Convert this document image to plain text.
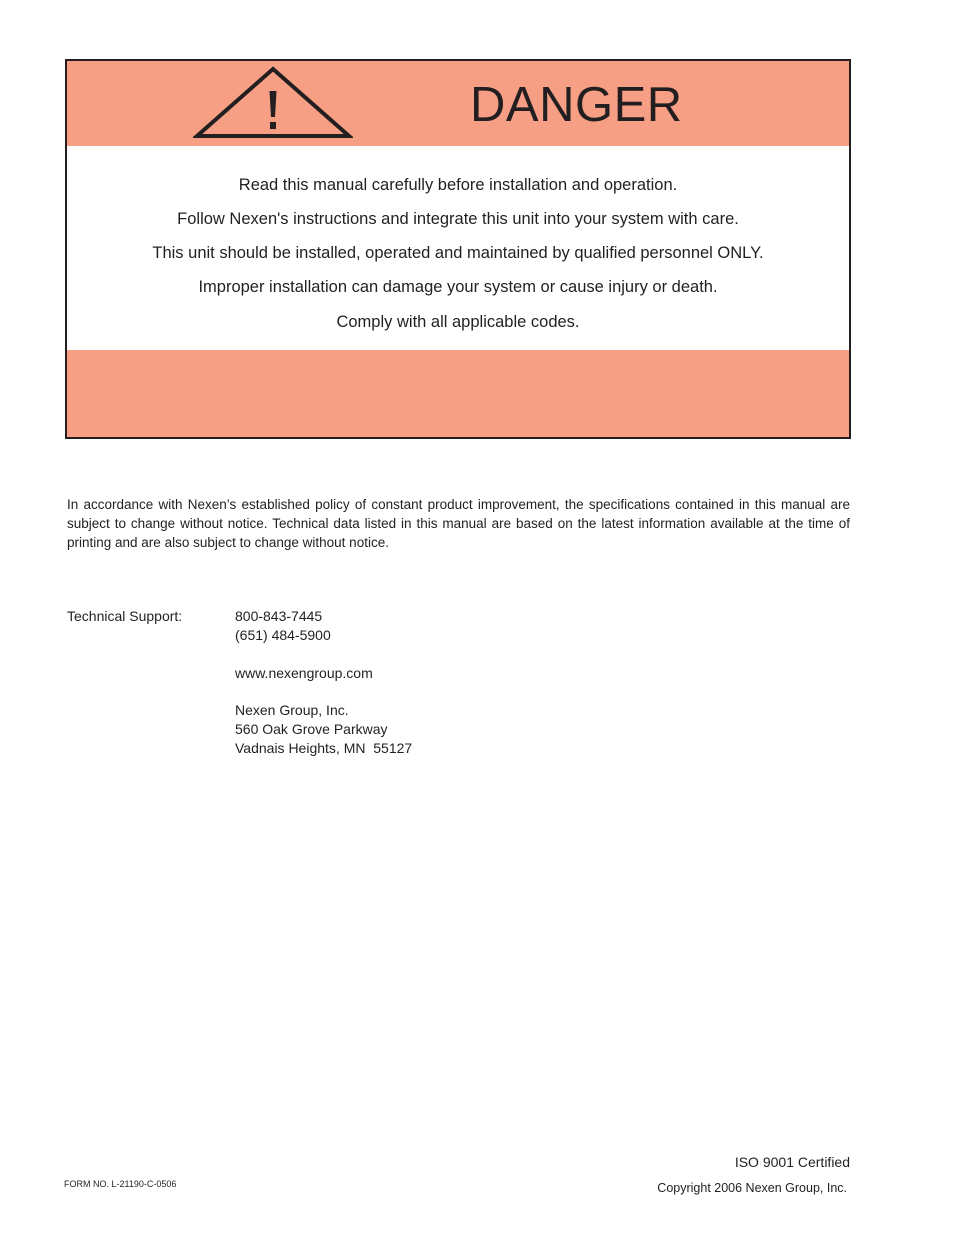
DANGER
Read this manual carefully before installation and operation.
Follow Nexen's instructions and integrate this unit into your system with care.
This unit should be installed, operated and maintained by qualified personnel ONLY.
Improper installation can damage your system or cause injury or death.
Comply with all applicable codes.
In accordance with Nexen’s established policy of constant product improvement, the specifications contained in this manual are subject to change without notice. Technical data listed in this manual are based on the latest information available at the time of printing and are also subject to change without notice.
Technical Support:	800-843-7445
(651) 484-5900
www.nexengroup.com
Nexen Group, Inc.
560 Oak Grove Parkway
Vadnais Heights, MN  55127
ISO 9001 Certified
FORM NO. L-21190-C-0506	Copyright 2006 Nexen Group, Inc.
